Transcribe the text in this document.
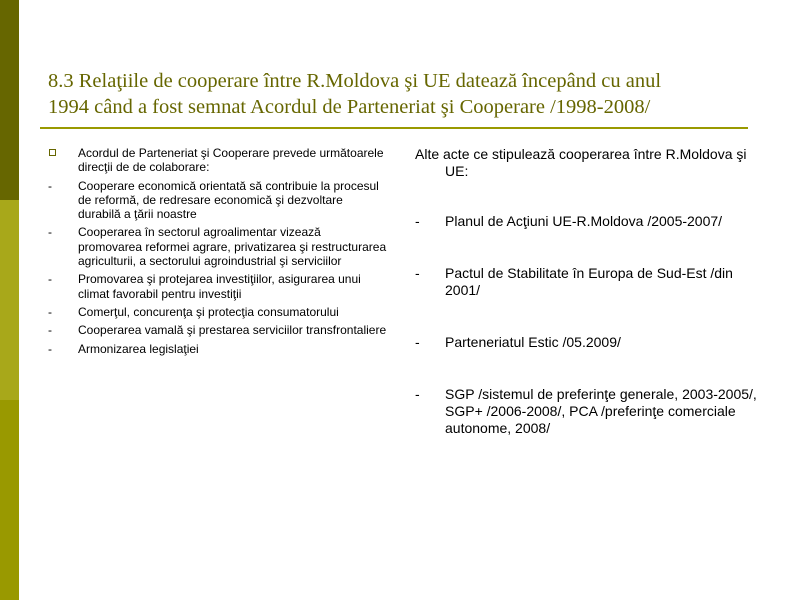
8.3 Relaţiile de cooperare între R.Moldova şi UE datează începând cu anul
1994 când a fost semnat Acordul de Parteneriat şi Cooperare /1998-2008/
Acordul de Parteneriat şi Cooperare prevede următoarele direcţii de de colaborare:
- Cooperare economică orientată să contribuie la procesul de reformă, de redresare economică şi dezvoltare durabilă a ţării noastre
- Cooperarea în sectorul agroalimentar vizează promovarea reformei agrare, privatizarea şi restructurarea agriculturii, a sectorului agroindustrial şi serviciilor
- Promovarea şi protejarea investiţiilor, asigurarea unui climat favorabil pentru investiţii
- Comerţul, concurenţa şi protecţia consumatorului
- Cooperarea vamală şi prestarea serviciilor transfrontaliere
- Armonizarea legislaţiei
Alte acte ce stipulează cooperarea între R.Moldova şi UE:
- Planul de Acţiuni UE-R.Moldova /2005-2007/
- Pactul de Stabilitate în Europa de Sud-Est /din 2001/
- Parteneriatul Estic /05.2009/
- SGP /sistemul de preferinţe generale, 2003-2005/, SGP+ /2006-2008/, PCA /preferinţe comerciale autonome, 2008/
